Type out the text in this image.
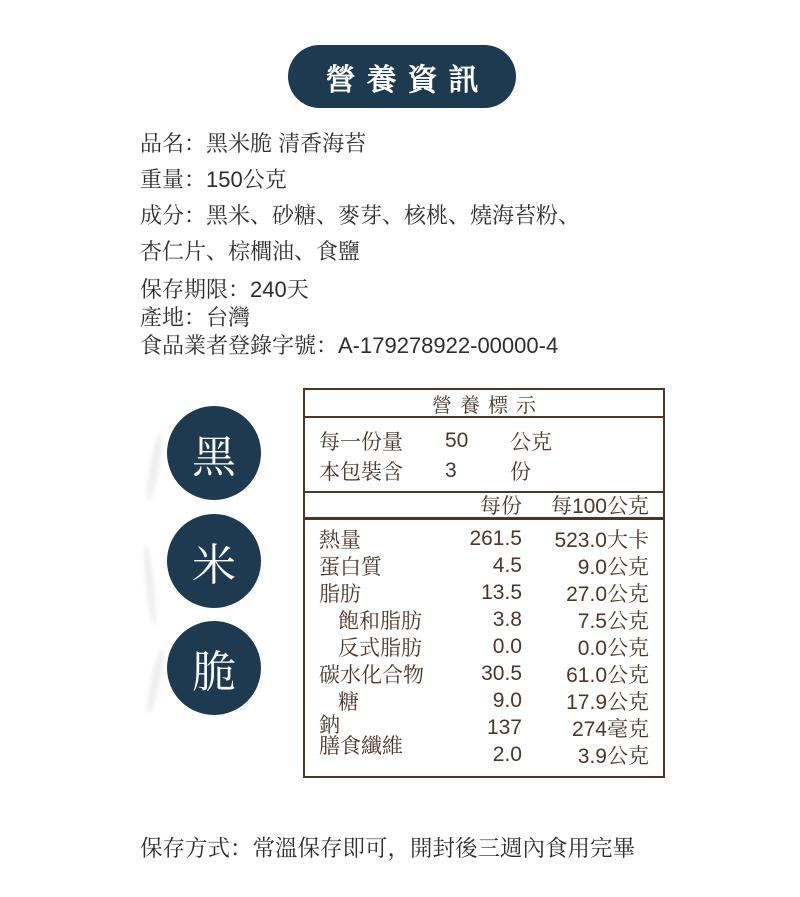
營養資訊
品名：黑米脆 清香海苔
重量：150公克
成分：黑米、砂糖、麥芽、核桃、燒海苔粉、杏仁片、棕櫚油、食鹽
保存期限：240天
產地：台灣
食品業者登錄字號：A-179278922-00000-4
黑
米
脆
營養標示
每一份量	50	公克
本包裝含	3	份
每份	每100公克
熱量	261.5	523.0大卡
蛋白質	4.5	9.0公克
脂肪	13.5	27.0公克
飽和脂肪	3.8	7.5公克
反式脂肪	0.0	0.0公克
碳水化合物	30.5	61.0公克
糖	9.0	17.9公克
鈉	137	274毫克
膳食纖維	2.0	3.9公克
保存方式：常溫保存即可，開封後三週內食用完畢
